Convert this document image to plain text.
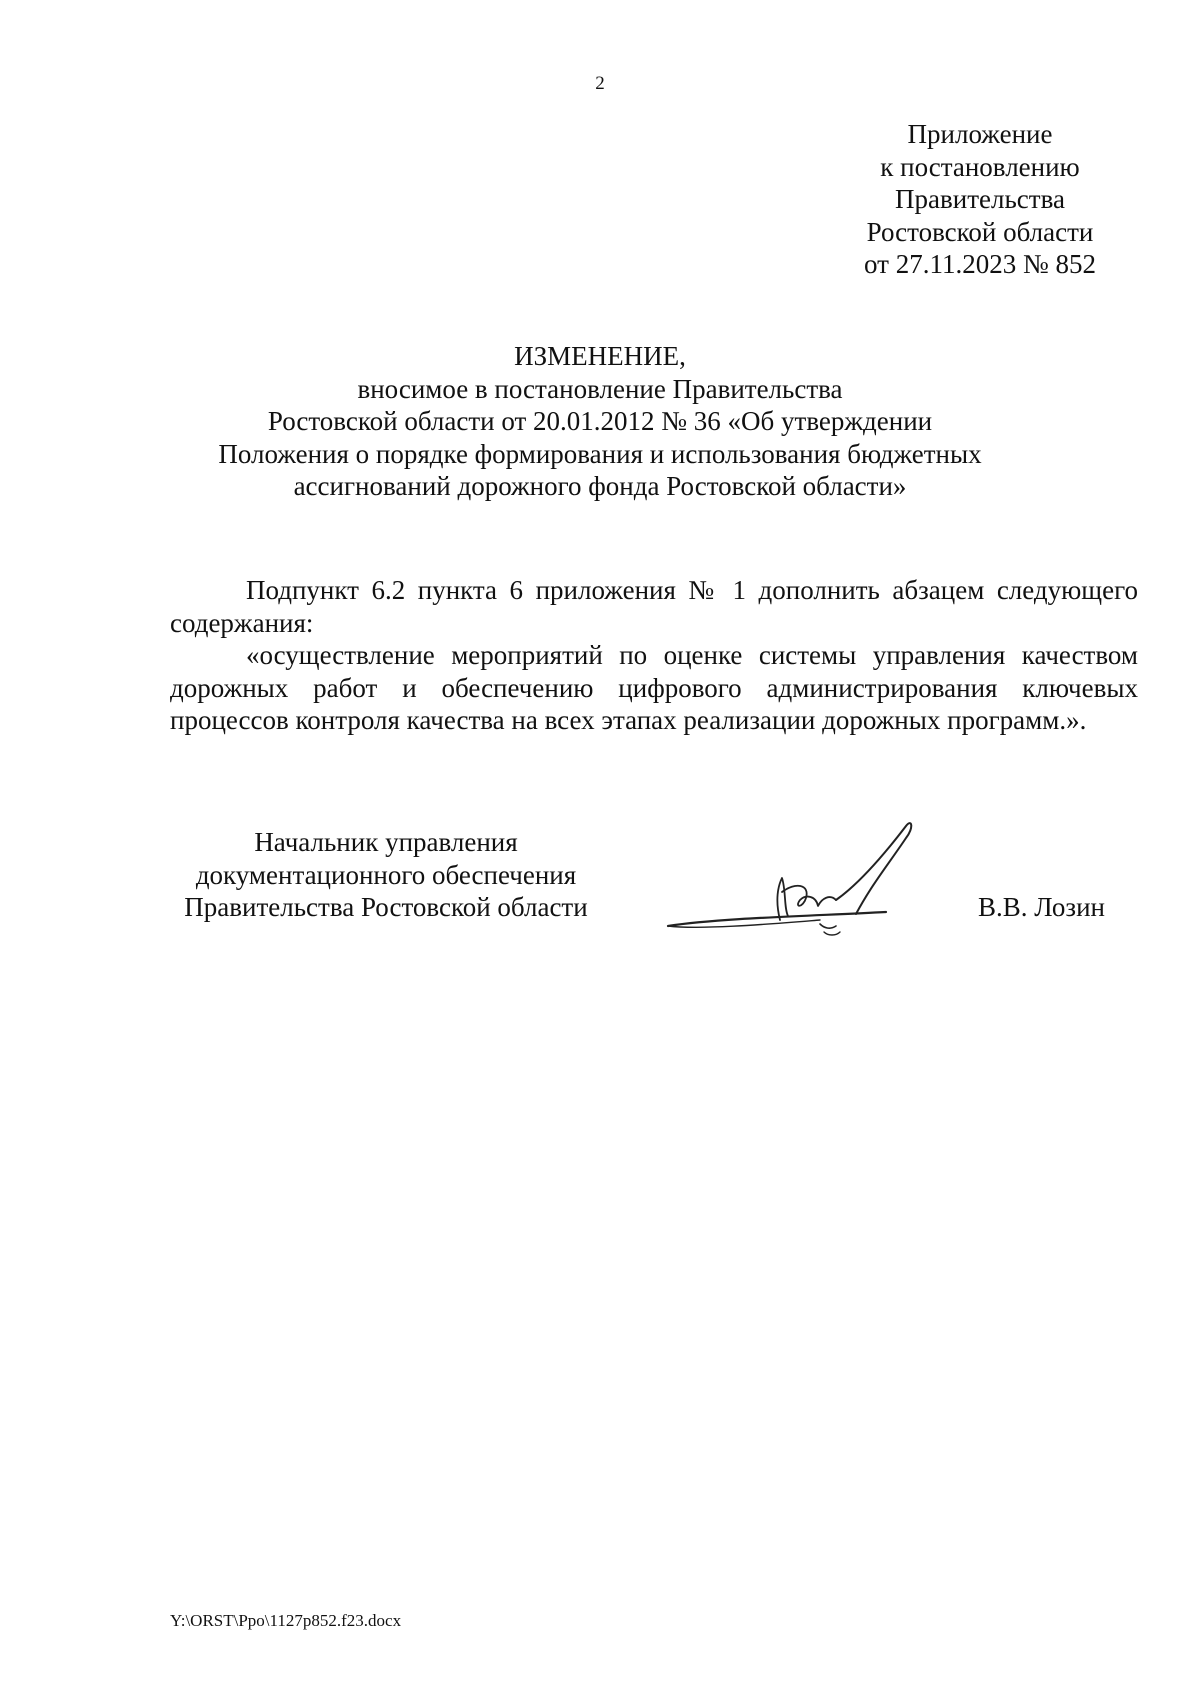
2
Приложение
к постановлению
Правительства
Ростовской области
от 27.11.2023 № 852
ИЗМЕНЕНИЕ,
вносимое в постановление Правительства
Ростовской области от 20.01.2012 № 36 «Об утверждении
Положения о порядке формирования и использования бюджетных
ассигнований дорожного фонда Ростовской области»
Подпункт 6.2 пункта 6 приложения № 1 дополнить абзацем следующего содержания:
«осуществление мероприятий по оценке системы управления качеством дорожных работ и обеспечению цифрового администрирования ключевых процессов контроля качества на всех этапах реализации дорожных программ.».
Начальник управления
документационного обеспечения
Правительства Ростовской области	В.В. Лозин
Y:\ORST\Ppo\1127p852.f23.docx
